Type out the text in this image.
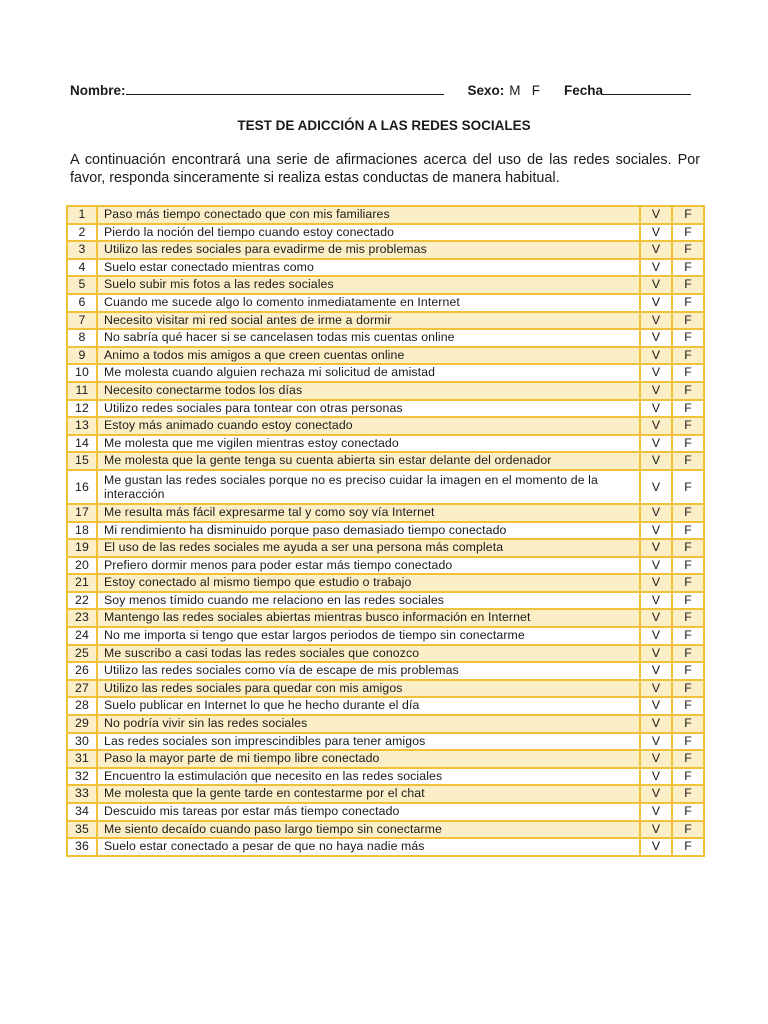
Nombre:	Sexo: M   F Fecha
TEST DE ADICCIÓN A LAS REDES SOCIALES
A continuación encontrará una serie de afirmaciones acerca del uso de las redes sociales. Por favor, responda sinceramente si realiza estas conductas de manera habitual.
1	Paso más tiempo conectado que con mis familiares	V	F
2	Pierdo la noción del tiempo cuando estoy conectado	V	F
3	Utilizo las redes sociales para evadirme de mis problemas	V	F
4	Suelo estar conectado mientras como	V	F
5	Suelo subir mis fotos a las redes sociales	V	F
6	Cuando me sucede algo lo comento inmediatamente en Internet	V	F
7	Necesito visitar mi red social antes de irme a dormir	V	F
8	No sabría qué hacer si se cancelasen todas mis cuentas online	V	F
9	Animo a todos mis amigos a que creen cuentas online	V	F
10	Me molesta cuando alguien rechaza mi solicitud de amistad	V	F
11	Necesito conectarme todos los días	V	F
12	Utilizo redes sociales para tontear con otras personas	V	F
13	Estoy más animado cuando estoy conectado	V	F
14	Me molesta que me vigilen mientras estoy conectado	V	F
15	Me molesta que la gente tenga su cuenta abierta sin estar delante del ordenador	V	F
16	Me gustan las redes sociales porque no es preciso cuidar la imagen en el momento de la interacción	V	F
17	Me resulta más fácil expresarme tal y como soy vía Internet	V	F
18	Mi rendimiento ha disminuido porque paso demasiado tiempo conectado	V	F
19	El uso de las redes sociales me ayuda a ser una persona más completa	V	F
20	Prefiero dormir menos para poder estar más tiempo conectado	V	F
21	Estoy conectado al mismo tiempo que estudio o trabajo	V	F
22	Soy menos tímido cuando me relaciono en las redes sociales	V	F
23	Mantengo las redes sociales abiertas mientras busco información en Internet	V	F
24	No me importa si tengo que estar largos periodos de tiempo sin conectarme	V	F
25	Me suscribo a casi todas las redes sociales que conozco	V	F
26	Utilizo las redes sociales como vía de escape de mis problemas	V	F
27	Utilizo las redes sociales para quedar con mis amigos	V	F
28	Suelo publicar en Internet lo que he hecho durante el día	V	F
29	No podría vivir sin las redes sociales	V	F
30	Las redes sociales son imprescindibles para tener amigos	V	F
31	Paso la mayor parte de mi tiempo libre conectado	V	F
32	Encuentro la estimulación que necesito en las redes sociales	V	F
33	Me molesta que la gente tarde en contestarme por el chat	V	F
34	Descuido mis tareas por estar más tiempo conectado	V	F
35	Me siento decaído cuando paso largo tiempo sin conectarme	V	F
36	Suelo estar conectado a pesar de que no haya nadie más	V	F
